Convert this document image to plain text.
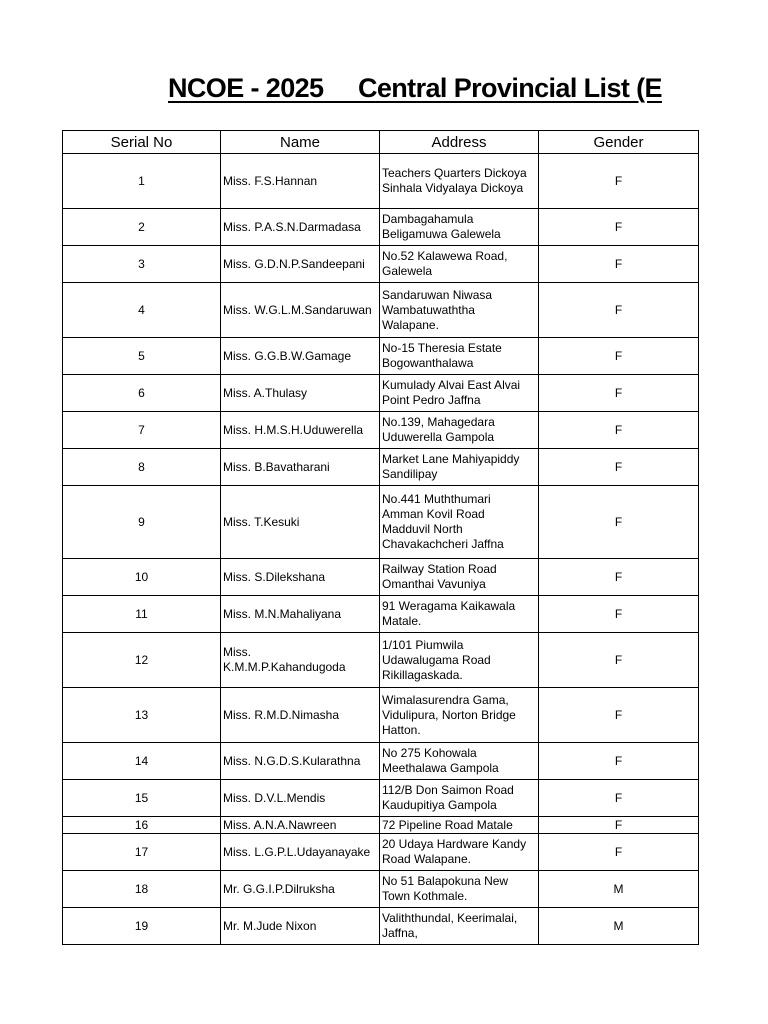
NCOE - 2025     Central Provincial List (E
Serial No	Name	Address	Gender
1	Miss. F.S.Hannan	Teachers Quarters Dickoya
Sinhala Vidyalaya Dickoya	F
2	Miss. P.A.S.N.Darmadasa	Dambagahamula
Beligamuwa Galewela	F
3	Miss. G.D.N.P.Sandeepani	No.52 Kalawewa Road,
Galewela	F
4	Miss. W.G.L.M.Sandaruwan	Sandaruwan Niwasa
Wambatuwaththa
Walapane.	F
5	Miss. G.G.B.W.Gamage	No-15 Theresia Estate
Bogowanthalawa	F
6	Miss. A.Thulasy	Kumulady Alvai East Alvai
Point Pedro Jaffna	F
7	Miss. H.M.S.H.Uduwerella	No.139, Mahagedara
Uduwerella Gampola	F
8	Miss. B.Bavatharani	Market Lane Mahiyapiddy
Sandilipay	F
9	Miss. T.Kesuki	No.441 Muththumari
Amman Kovil Road
Madduvil North
Chavakachcheri Jaffna	F
10	Miss. S.Dilekshana	Railway Station Road
Omanthai Vavuniya	F
11	Miss. M.N.Mahaliyana	91 Weragama Kaikawala
Matale.	F
12	Miss.
K.M.M.P.Kahandugoda	1/101 Piumwila
Udawalugama Road
Rikillagaskada.	F
13	Miss. R.M.D.Nimasha	Wimalasurendra Gama,
Vidulipura, Norton Bridge
Hatton.	F
14	Miss. N.G.D.S.Kularathna	No 275 Kohowala
Meethalawa Gampola	F
15	Miss. D.V.L.Mendis	112/B Don Saimon Road
Kaudupitiya Gampola	F
16	Miss. A.N.A.Nawreen	72 Pipeline Road Matale	F
17	Miss. L.G.P.L.Udayanayake	20 Udaya Hardware Kandy
Road Walapane.	F
18	Mr. G.G.I.P.Dilruksha	No 51 Balapokuna New
Town Kothmale.	M
19	Mr. M.Jude Nixon	Valiththundal, Keerimalai,
Jaffna,	M
